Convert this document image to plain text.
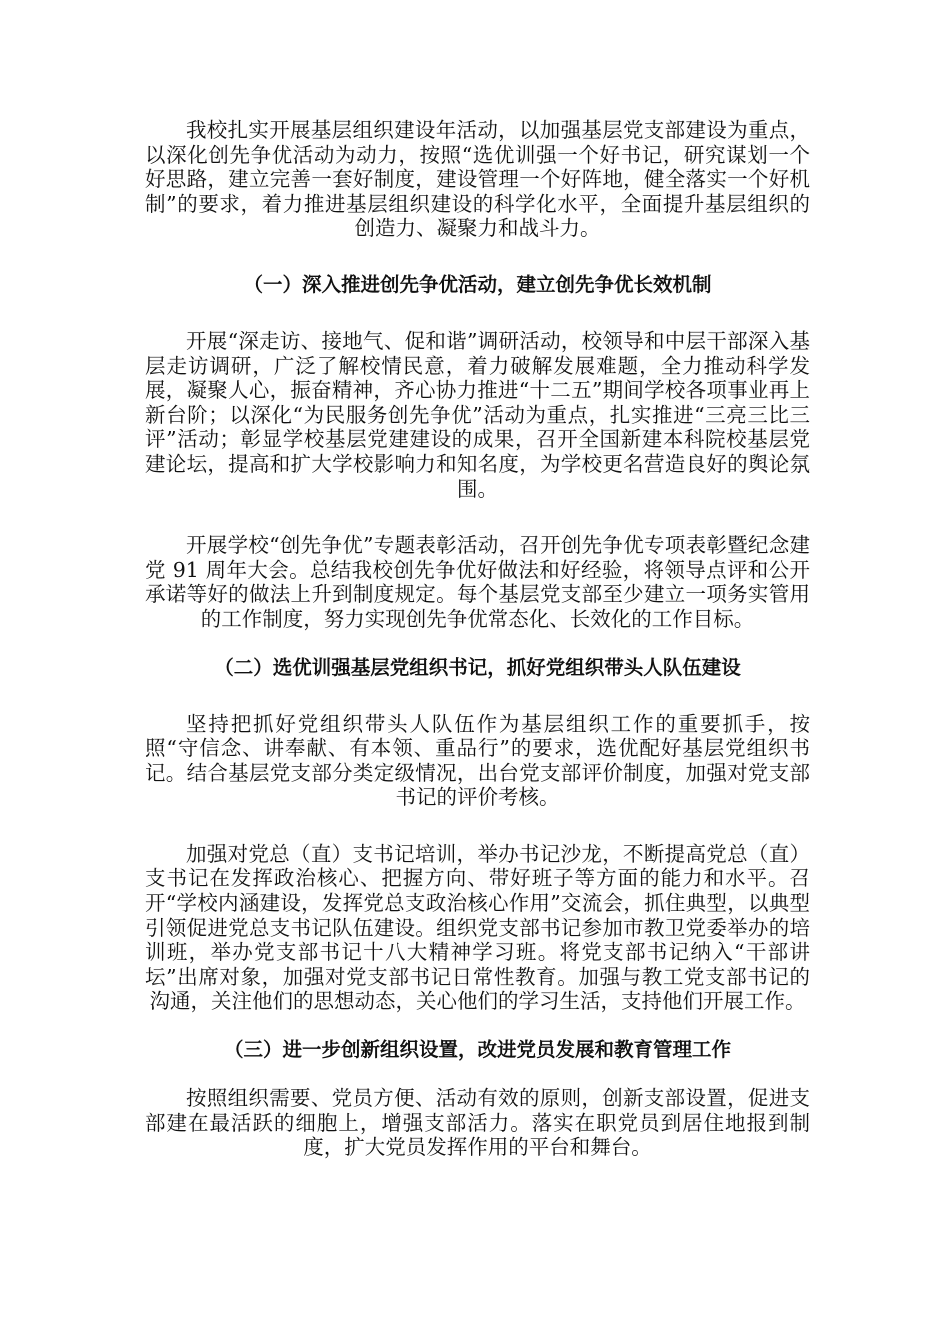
我校扎实开展基层组织建设年活动，以加强基层党支部建设为重点，以深化创先争优活动为动力，按照“选优训强一个好书记，研究谋划一个好思路，建立完善一套好制度，建设管理一个好阵地，健全落实一个好机制”的要求，着力推进基层组织建设的科学化水平，全面提升基层组织的创造力、凝聚力和战斗力。

（一）深入推进创先争优活动，建立创先争优长效机制

开展“深走访、接地气、促和谐”调研活动，校领导和中层干部深入基层走访调研，广泛了解校情民意，着力破解发展难题，全力推动科学发展，凝聚人心，振奋精神，齐心协力推进“十二五”期间学校各项事业再上新台阶；以深化“为民服务创先争优”活动为重点，扎实推进“三亮三比三评”活动；彰显学校基层党建建设的成果，召开全国新建本科院校基层党建论坛，提高和扩大学校影响力和知名度，为学校更名营造良好的舆论氛围。

开展学校“创先争优”专题表彰活动，召开创先争优专项表彰暨纪念建党 91 周年大会。总结我校创先争优好做法和好经验，将领导点评和公开承诺等好的做法上升到制度规定。每个基层党支部至少建立一项务实管用的工作制度，努力实现创先争优常态化、长效化的工作目标。

（二）选优训强基层党组织书记，抓好党组织带头人队伍建设

坚持把抓好党组织带头人队伍作为基层组织工作的重要抓手，按照“守信念、讲奉献、有本领、重品行”的要求，选优配好基层党组织书记。结合基层党支部分类定级情况，出台党支部评价制度，加强对党支部书记的评价考核。

加强对党总（直）支书记培训，举办书记沙龙，不断提高党总（直）支书记在发挥政治核心、把握方向、带好班子等方面的能力和水平。召开“学校内涵建设，发挥党总支政治核心作用”交流会，抓住典型，以典型引领促进党总支书记队伍建设。组织党支部书记参加市教卫党委举办的培训班，举办党支部书记十八大精神学习班。将党支部书记纳入“干部讲坛”出席对象，加强对党支部书记日常性教育。加强与教工党支部书记的沟通，关注他们的思想动态，关心他们的学习生活，支持他们开展工作。

（三）进一步创新组织设置，改进党员发展和教育管理工作

按照组织需要、党员方便、活动有效的原则，创新支部设置，促进支部建在最活跃的细胞上，增强支部活力。落实在职党员到居住地报到制度，扩大党员发挥作用的平台和舞台。
